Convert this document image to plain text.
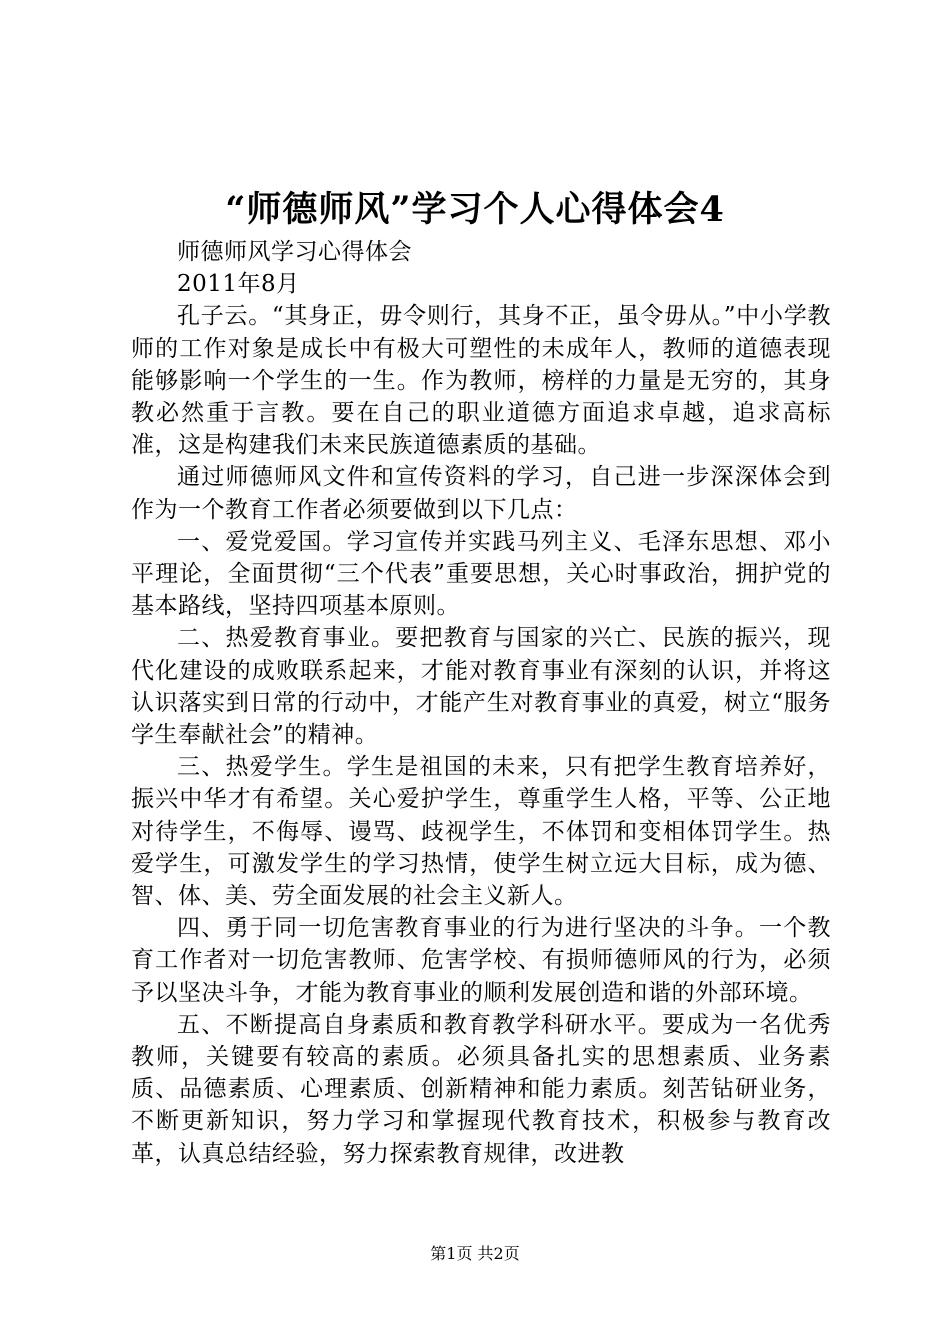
“师德师风”学习个人心得体会4

师德师风学习心得体会

2011年8月

孔子云。“其身正，毋令则行，其身不正，虽令毋从。”中小学教师的工作对象是成长中有极大可塑性的未成年人，教师的道德表现能够影响一个学生的一生。作为教师，榜样的力量是无穷的，其身教必然重于言教。要在自己的职业道德方面追求卓越，追求高标准，这是构建我们未来民族道德素质的基础。

通过师德师风文件和宣传资料的学习，自己进一步深深体会到作为一个教育工作者必须要做到以下几点：

一、爱党爱国。学习宣传并实践马列主义、毛泽东思想、邓小平理论，全面贯彻“三个代表”重要思想，关心时事政治，拥护党的基本路线，坚持四项基本原则。

二、热爱教育事业。要把教育与国家的兴亡、民族的振兴，现代化建设的成败联系起来，才能对教育事业有深刻的认识，并将这认识落实到日常的行动中，才能产生对教育事业的真爱，树立“服务学生奉献社会”的精神。

三、热爱学生。学生是祖国的未来，只有把学生教育培养好，振兴中华才有希望。关心爱护学生，尊重学生人格，平等、公正地对待学生，不侮辱、谩骂、歧视学生，不体罚和变相体罚学生。热爱学生，可激发学生的学习热情，使学生树立远大目标，成为德、智、体、美、劳全面发展的社会主义新人。

四、勇于同一切危害教育事业的行为进行坚决的斗争。一个教育工作者对一切危害教师、危害学校、有损师德师风的行为，必须予以坚决斗争，才能为教育事业的顺利发展创造和谐的外部环境。

五、不断提高自身素质和教育教学科研水平。要成为一名优秀教师，关键要有较高的素质。必须具备扎实的思想素质、业务素质、品德素质、心理素质、创新精神和能力素质。刻苦钻研业务，不断更新知识，努力学习和掌握现代教育技术，积极参与教育改革，认真总结经验，努力探索教育规律，改进教

第1页 共2页
